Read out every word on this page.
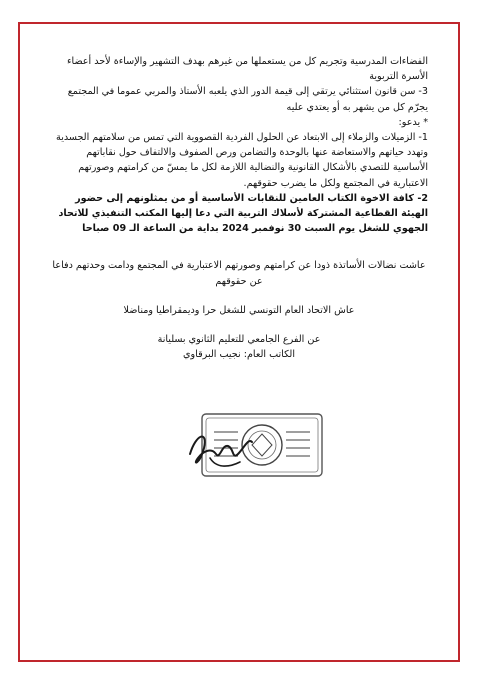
الفضاءات المدرسية وتجريم كل من يستعملها من غيرهم بهدف التشهير والإساءة لأحد أعضاء الأسرة التربوية

3- سن قانون استثنائي يرتقي إلى قيمة الدور الذي يلعبه الأستاذ والمربي عموما في المجتمع يجرّم كل من يشهر به أو يعتدي عليه

* يدعو:

1- الزميلات والزملاء إلى الابتعاد عن الحلول الفردية القصووية التي تمس من سلامتهم الجسدية وتهدد حياتهم والاستعاضة عنها بالوحدة والتضامن ورص الصفوف والالتفاف حول نقاباتهم الأساسية للتصدي بالأشكال القانونية والنضالية اللازمة لكل ما يمسّ من كرامتهم وصورتهم الاعتبارية في المجتمع ولكل ما يضرب حقوقهم.

2- كافة الاخوة الكتاب العامين للنقابات الأساسية أو من يمثلونهم إلى حضور الهيئة القطاعية المشتركة لأسلاك التربية التي دعا إليها المكتب التنفيذي للاتحاد الجهوي للشغل يوم السبت 30 نوفمبر 2024 بداية من الساعة الـ 09 صباحا

عاشت نضالات الأساتذة ذودا عن كرامتهم وصورتهم الاعتبارية في المجتمع ودامت وحدتهم دفاعا عن حقوقهم

عاش الاتحاد العام التونسي للشغل حرا وديمقراطيا ومناضلا

عن الفرع الجامعي للتعليم الثانوي بسليانة

الكاتب العام: نجيب البرقاوي
